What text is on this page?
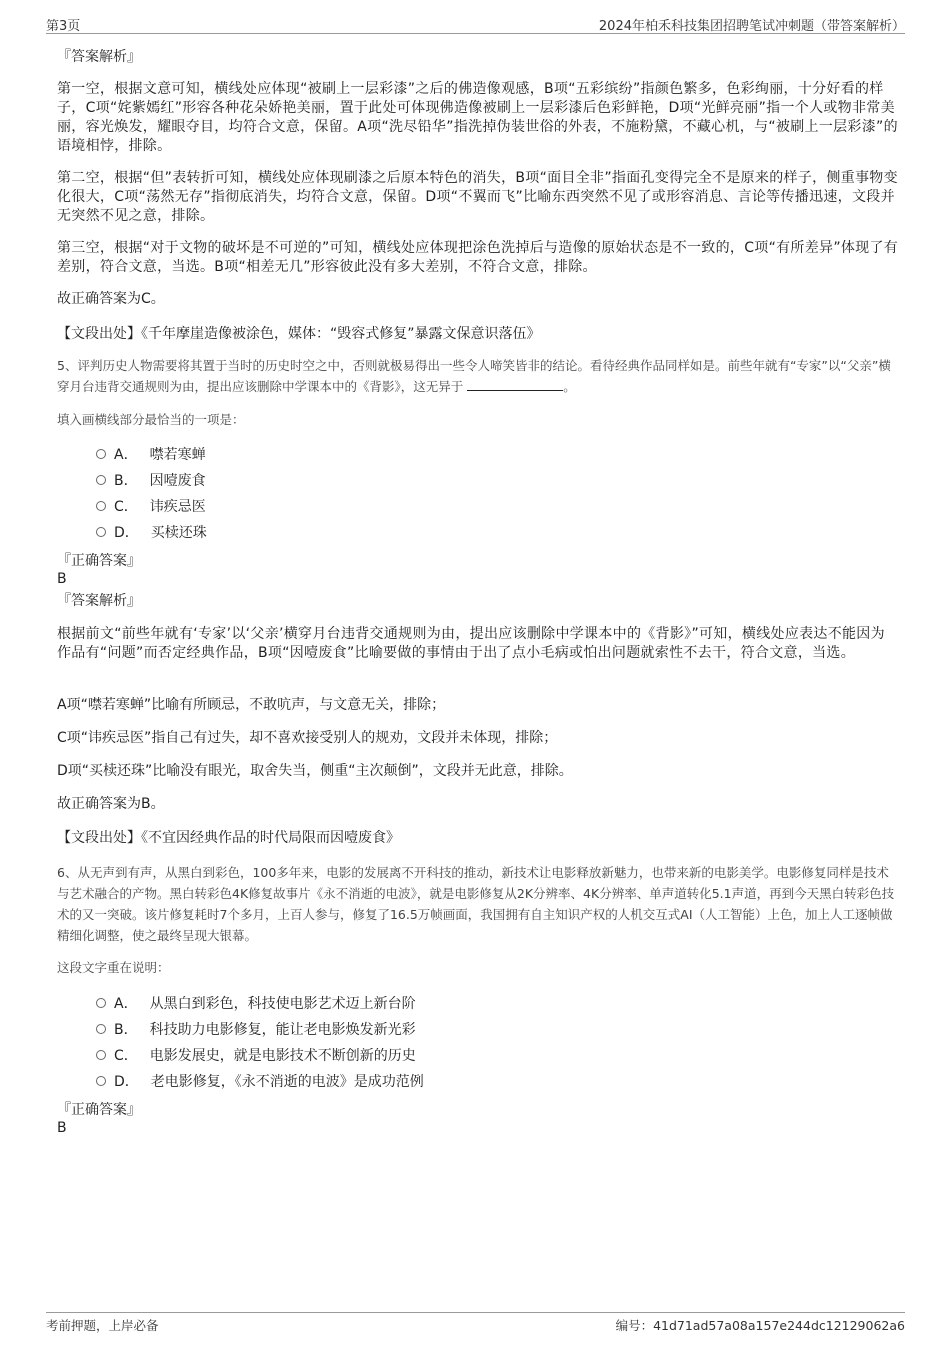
第3页	2024年柏禾科技集团招聘笔试冲刺题（带答案解析）
『答案解析』
第一空，根据文意可知，横线处应体现“被刷上一层彩漆”之后的佛造像观感，B项“五彩缤纷”指颜色繁多，色彩绚丽，十分好看的样子，C项“姹紫嫣红”形容各种花朵娇艳美丽，置于此处可体现佛造像被刷上一层彩漆后色彩鲜艳，D项“光鲜亮丽”指一个人或物非常美丽，容光焕发，耀眼夺目，均符合文意，保留。A项“洗尽铅华”指洗掉伪装世俗的外表，不施粉黛，不藏心机，与“被刷上一层彩漆”的语境相悖，排除。
第二空，根据“但”表转折可知，横线处应体现刷漆之后原本特色的消失，B项“面目全非”指面孔变得完全不是原来的样子，侧重事物变化很大，C项“荡然无存”指彻底消失，均符合文意，保留。D项“不翼而飞”比喻东西突然不见了或形容消息、言论等传播迅速，文段并无突然不见之意，排除。
第三空，根据“对于文物的破坏是不可逆的”可知，横线处应体现把涂色洗掉后与造像的原始状态是不一致的，C项“有所差异”体现了有差别，符合文意，当选。B项“相差无几”形容彼此没有多大差别，不符合文意，排除。
故正确答案为C。
【文段出处】《千年摩崖造像被涂色，媒体：“毁容式修复”暴露文保意识落伍》
5、评判历史人物需要将其置于当时的历史时空之中，否则就极易得出一些令人啼笑皆非的结论。看待经典作品同样如是。前些年就有“专家”以“父亲”横穿月台违背交通规则为由，提出应该删除中学课本中的《背影》，这无异于	。
填入画横线部分最恰当的一项是：
A． 噤若寒蝉
B． 因噎废食
C． 讳疾忌医
D． 买椟还珠
『正确答案』
B
『答案解析』
根据前文“前些年就有‘专家’以‘父亲’横穿月台违背交通规则为由，提出应该删除中学课本中的《背影》”可知，横线处应表达不能因为作品有“问题”而否定经典作品，B项“因噎废食”比喻要做的事情由于出了点小毛病或怕出问题就索性不去干，符合文意，当选。
A项“噤若寒蝉”比喻有所顾忌，不敢吭声，与文意无关，排除；
C项“讳疾忌医”指自己有过失，却不喜欢接受别人的规劝，文段并未体现，排除；
D项“买椟还珠”比喻没有眼光，取舍失当，侧重“主次颠倒”，文段并无此意，排除。
故正确答案为B。
【文段出处】《不宜因经典作品的时代局限而因噎废食》
6、从无声到有声，从黑白到彩色，100多年来，电影的发展离不开科技的推动，新技术让电影释放新魅力，也带来新的电影美学。电影修复同样是技术与艺术融合的产物。黑白转彩色4K修复故事片《永不消逝的电波》，就是电影修复从2K分辨率、4K分辨率、单声道转化5.1声道，再到今天黑白转彩色技术的又一突破。该片修复耗时7个多月，上百人参与，修复了16.5万帧画面，我国拥有自主知识产权的人机交互式AI（人工智能）上色，加上人工逐帧做精细化调整，使之最终呈现大银幕。
这段文字重在说明：
A． 从黑白到彩色，科技使电影艺术迈上新台阶
B． 科技助力电影修复，能让老电影焕发新光彩
C． 电影发展史，就是电影技术不断创新的历史
D． 老电影修复，《永不消逝的电波》是成功范例
『正确答案』
B
考前押题，上岸必备	编号：41d71ad57a08a157e244dc12129062a6
